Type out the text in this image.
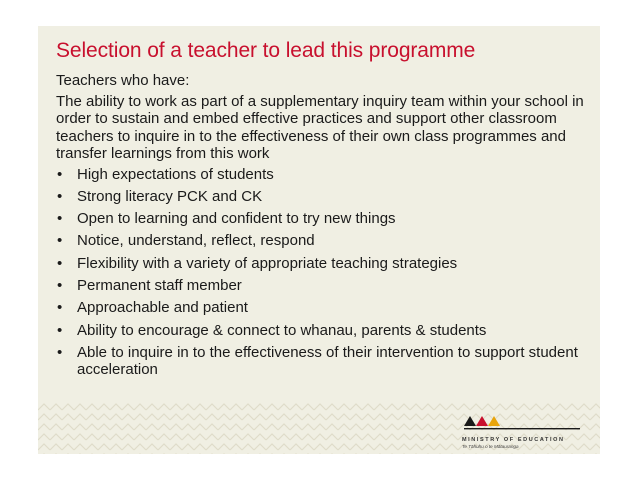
Selection of a teacher to lead this programme

Teachers who have:

The ability to work as part of a supplementary inquiry team within your school in order to sustain and embed effective practices and support other classroom teachers to inquire in to the effectiveness of their own class programmes and transfer learnings from this work

• High expectations of students
• Strong literacy PCK and CK
• Open to learning and confident to try new things
• Notice, understand, reflect, respond
• Flexibility with a variety of appropriate teaching strategies
• Permanent staff member
• Approachable and patient
• Ability to encourage & connect to whanau, parents & students
• Able to inquire in to the effectiveness of their intervention to support student acceleration
MINISTRY OF EDUCATION
Te Tāhuhu o te Mātauranga
